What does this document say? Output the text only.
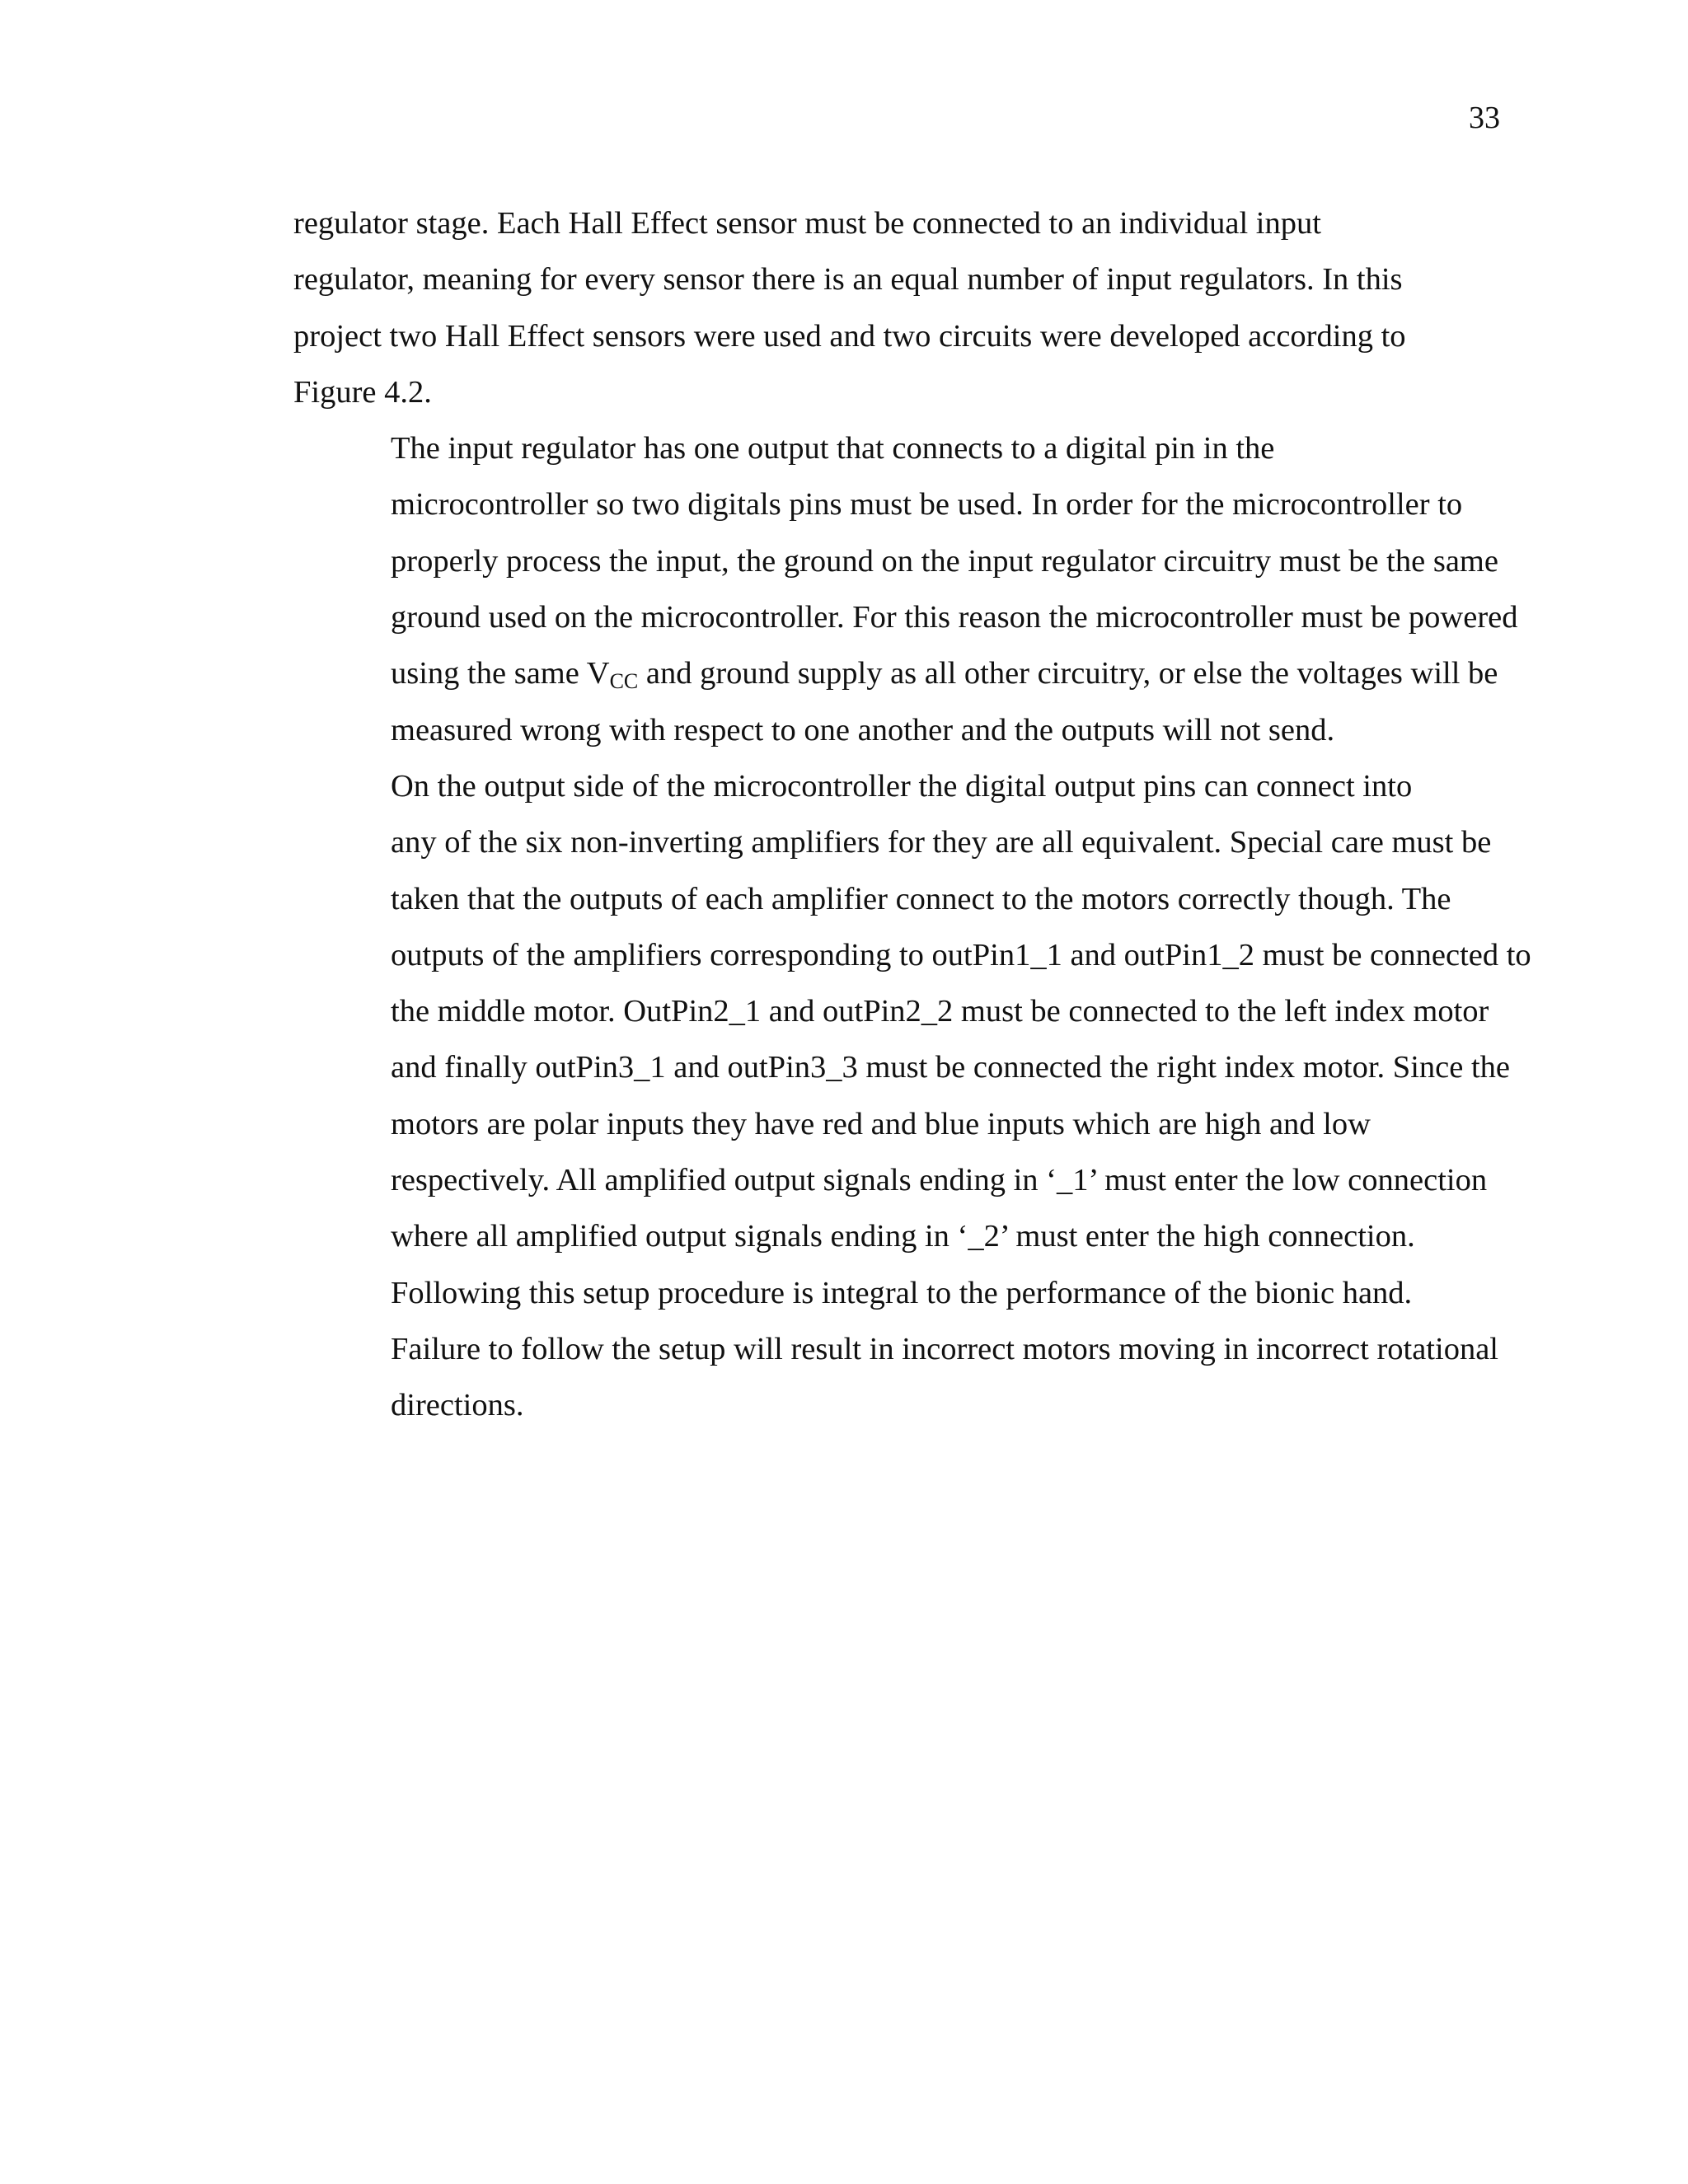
33

regulator stage. Each Hall Effect sensor must be connected to an individual input
regulator, meaning for every sensor there is an equal number of input regulators. In this
project two Hall Effect sensors were used and two circuits were developed according to
Figure 4.2.

The input regulator has one output that connects to a digital pin in the
microcontroller so two digitals pins must be used. In order for the microcontroller to
properly process the input, the ground on the input regulator circuitry must be the same
ground used on the microcontroller. For this reason the microcontroller must be powered
using the same $V_{CC}$ and ground supply as all other circuitry, or else the voltages will be
measured wrong with respect to one another and the outputs will not send.

On the output side of the microcontroller the digital output pins can connect into
any of the six non-inverting amplifiers for they are all equivalent. Special care must be
taken that the outputs of each amplifier connect to the motors correctly though. The
outputs of the amplifiers corresponding to outPin1_1 and outPin1_2 must be connected to
the middle motor. OutPin2_1 and outPin2_2 must be connected to the left index motor
and finally outPin3_1 and outPin3_3 must be connected the right index motor. Since the
motors are polar inputs they have red and blue inputs which are high and low
respectively. All amplified output signals ending in ‘_1’ must enter the low connection
where all amplified output signals ending in ‘_2’ must enter the high connection.

Following this setup procedure is integral to the performance of the bionic hand.
Failure to follow the setup will result in incorrect motors moving in incorrect rotational
directions.
